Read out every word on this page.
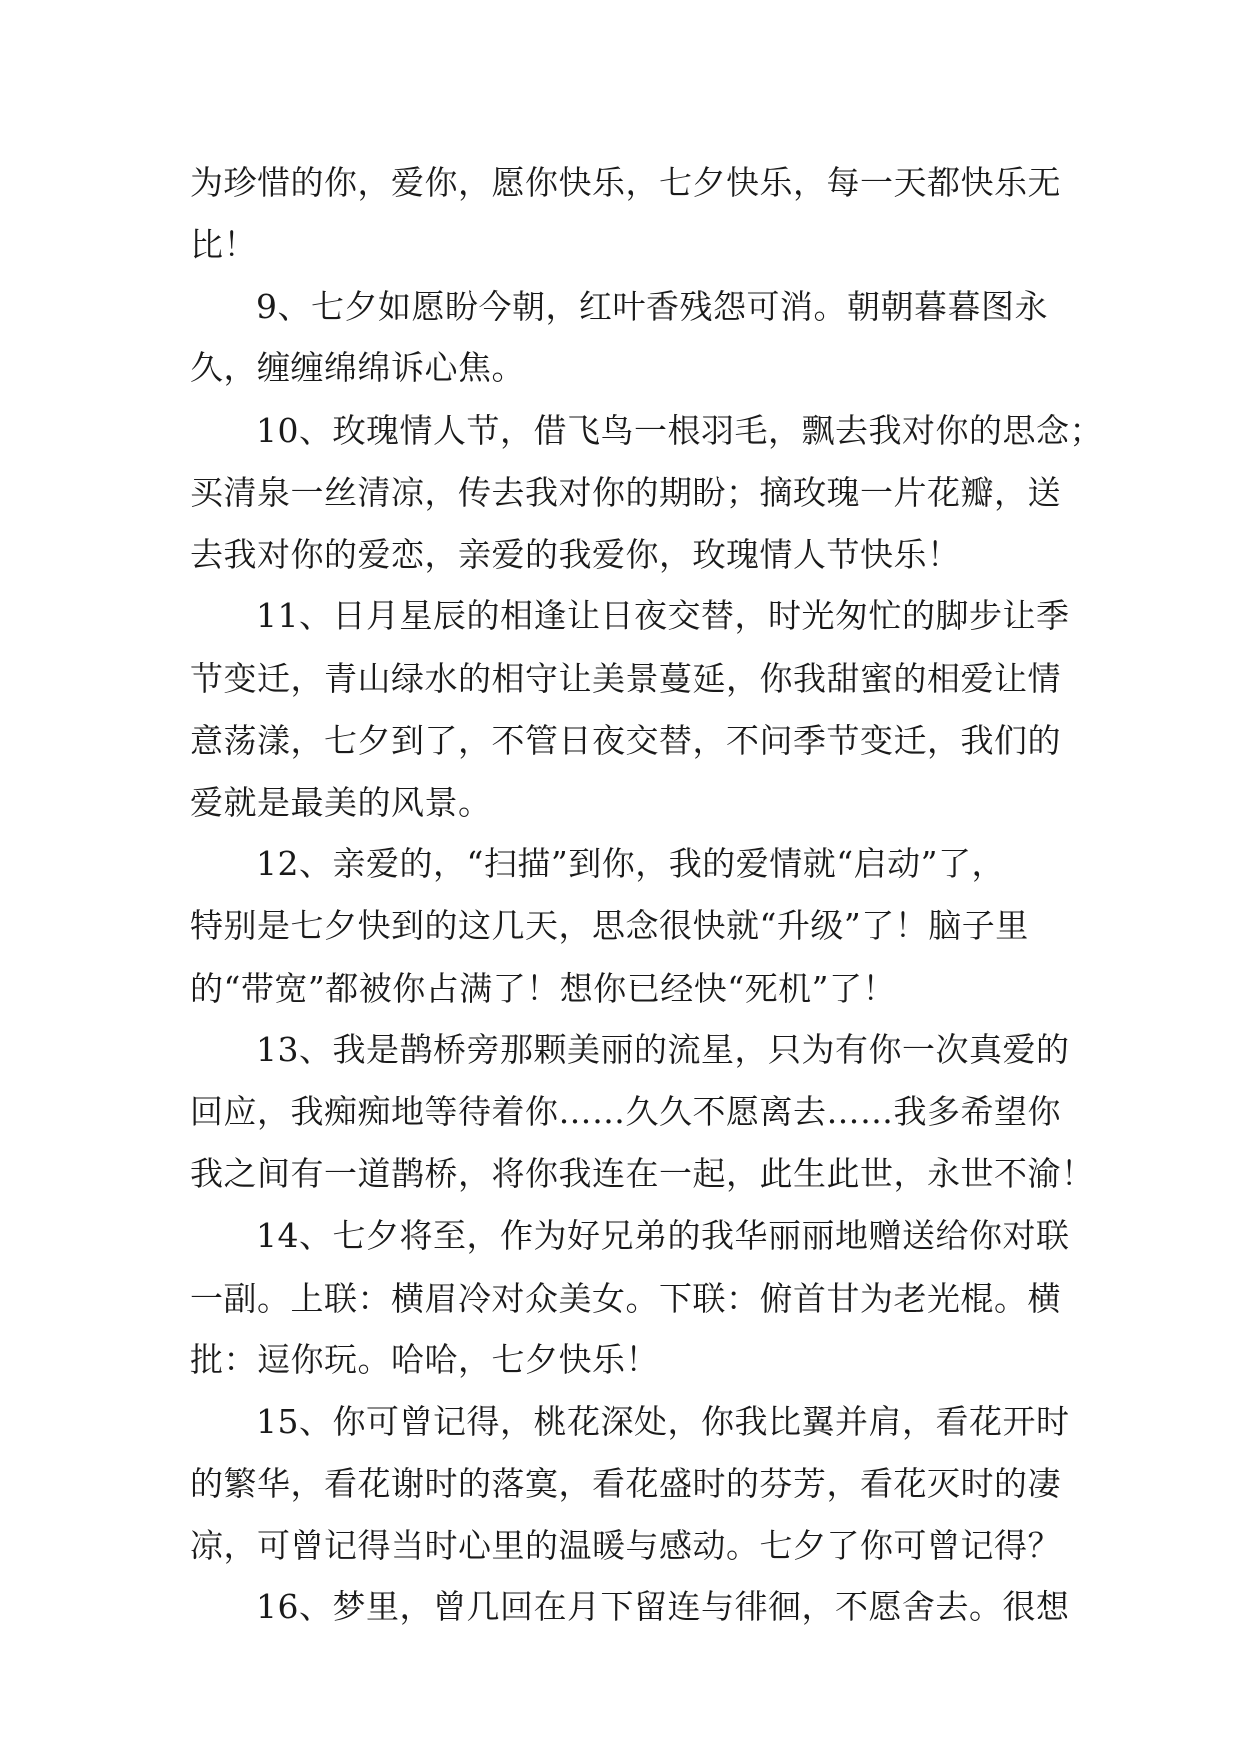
为珍惜的你，爱你，愿你快乐，七夕快乐，每一天都快乐无
比！
9、七夕如愿盼今朝，红叶香残怨可消。朝朝暮暮图永
久，缠缠绵绵诉心焦。
10、玫瑰情人节，借飞鸟一根羽毛，飘去我对你的思念；
买清泉一丝清凉，传去我对你的期盼；摘玫瑰一片花瓣，送
去我对你的爱恋，亲爱的我爱你，玫瑰情人节快乐！
11、日月星辰的相逢让日夜交替，时光匆忙的脚步让季
节变迁，青山绿水的相守让美景蔓延，你我甜蜜的相爱让情
意荡漾，七夕到了，不管日夜交替，不问季节变迁，我们的
爱就是最美的风景。
12、亲爱的，“扫描”到你，我的爱情就“启动”了，
特别是七夕快到的这几天，思念很快就“升级”了！脑子里
的“带宽”都被你占满了！想你已经快“死机”了！
13、我是鹊桥旁那颗美丽的流星，只为有你一次真爱的
回应，我痴痴地等待着你……久久不愿离去……我多希望你
我之间有一道鹊桥，将你我连在一起，此生此世，永世不渝！
14、七夕将至，作为好兄弟的我华丽丽地赠送给你对联
一副。上联：横眉冷对众美女。下联：俯首甘为老光棍。横
批：逗你玩。哈哈，七夕快乐！
15、你可曾记得，桃花深处，你我比翼并肩，看花开时
的繁华，看花谢时的落寞，看花盛时的芬芳，看花灭时的凄
凉，可曾记得当时心里的温暖与感动。七夕了你可曾记得？
16、梦里，曾几回在月下留连与徘徊，不愿舍去。很想
